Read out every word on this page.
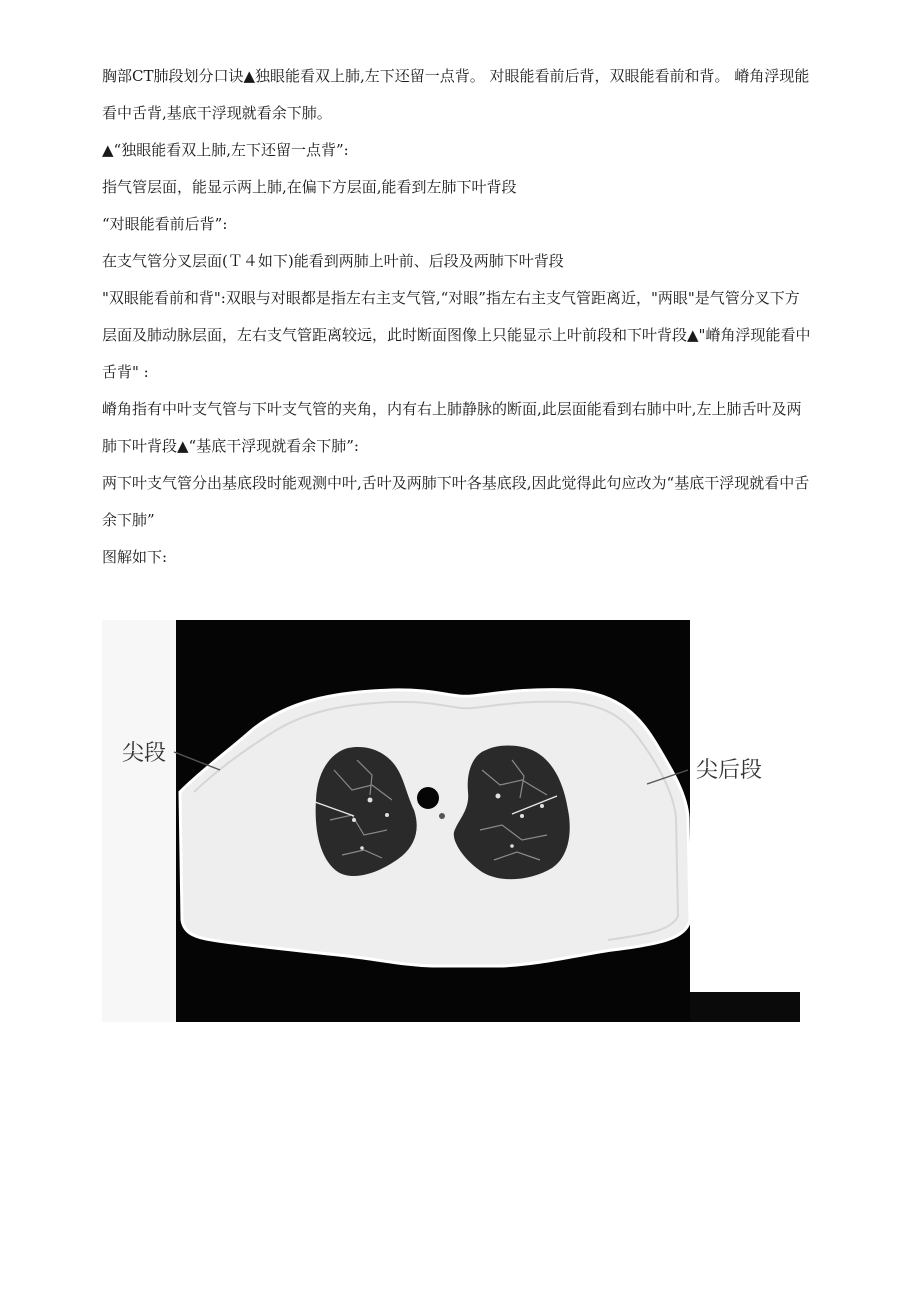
胸部CT肺段划分口诀▲独眼能看双上肺,左下还留一点背。 对眼能看前后背，双眼能看前和背。 嵴角浮现能看中舌背,基底干浮现就看余下肺。

▲“独眼能看双上肺,左下还留一点背”:

指气管层面，能显示两上肺,在偏下方层面,能看到左肺下叶背段

“对眼能看前后背”:

在支气管分叉层面(Ｔ４如下)能看到两肺上叶前、后段及两肺下叶背段

"双眼能看前和背":双眼与对眼都是指左右主支气管,“对眼”指左右主支气管距离近，"两眼"是气管分叉下方层面及肺动脉层面，左右支气管距离较远，此时断面图像上只能显示上叶前段和下叶背段▲"嵴角浮现能看中舌背" :

嵴角指有中叶支气管与下叶支气管的夹角，内有右上肺静脉的断面,此层面能看到右肺中叶,左上肺舌叶及两肺下叶背段▲“基底干浮现就看余下肺”:

两下叶支气管分出基底段时能观测中叶,舌叶及两肺下叶各基底段,因此觉得此句应改为“基底干浮现就看中舌余下肺”

图解如下:

尖段
尖后段
